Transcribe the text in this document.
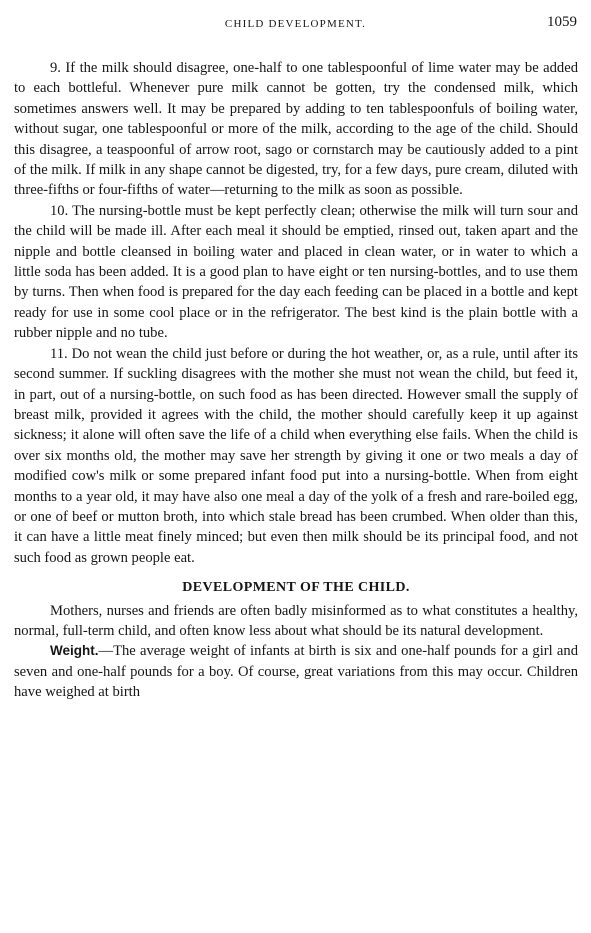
CHILD DEVELOPMENT.	1059

9. If the milk should disagree, one-half to one tablespoonful of lime water may be added to each bottleful. Whenever pure milk cannot be gotten, try the condensed milk, which sometimes answers well. It may be prepared by adding to ten tablespoonfuls of boiling water, without sugar, one tablespoonful or more of the milk, according to the age of the child. Should this disagree, a teaspoonful of arrow root, sago or cornstarch may be cautiously added to a pint of the milk. If milk in any shape cannot be digested, try, for a few days, pure cream, diluted with three-fifths or four-fifths of water—returning to the milk as soon as possible.

10. The nursing-bottle must be kept perfectly clean; otherwise the milk will turn sour and the child will be made ill. After each meal it should be emptied, rinsed out, taken apart and the nipple and bottle cleansed in boiling water and placed in clean water, or in water to which a little soda has been added. It is a good plan to have eight or ten nursing-bottles, and to use them by turns. Then when food is prepared for the day each feeding can be placed in a bottle and kept ready for use in some cool place or in the refrigerator. The best kind is the plain bottle with a rubber nipple and no tube.

11. Do not wean the child just before or during the hot weather, or, as a rule, until after its second summer. If suckling disagrees with the mother she must not wean the child, but feed it, in part, out of a nursing-bottle, on such food as has been directed. However small the supply of breast milk, provided it agrees with the child, the mother should carefully keep it up against sickness; it alone will often save the life of a child when everything else fails. When the child is over six months old, the mother may save her strength by giving it one or two meals a day of modified cow's milk or some prepared infant food put into a nursing-bottle. When from eight months to a year old, it may have also one meal a day of the yolk of a fresh and rare-boiled egg, or one of beef or mutton broth, into which stale bread has been crumbed. When older than this, it can have a little meat finely minced; but even then milk should be its principal food, and not such food as grown people eat.

DEVELOPMENT OF THE CHILD.

Mothers, nurses and friends are often badly misinformed as to what constitutes a healthy, normal, full-term child, and often know less about what should be its natural development.

Weight.—The average weight of infants at birth is six and one-half pounds for a girl and seven and one-half pounds for a boy. Of course, great variations from this may occur. Children have weighed at birth
